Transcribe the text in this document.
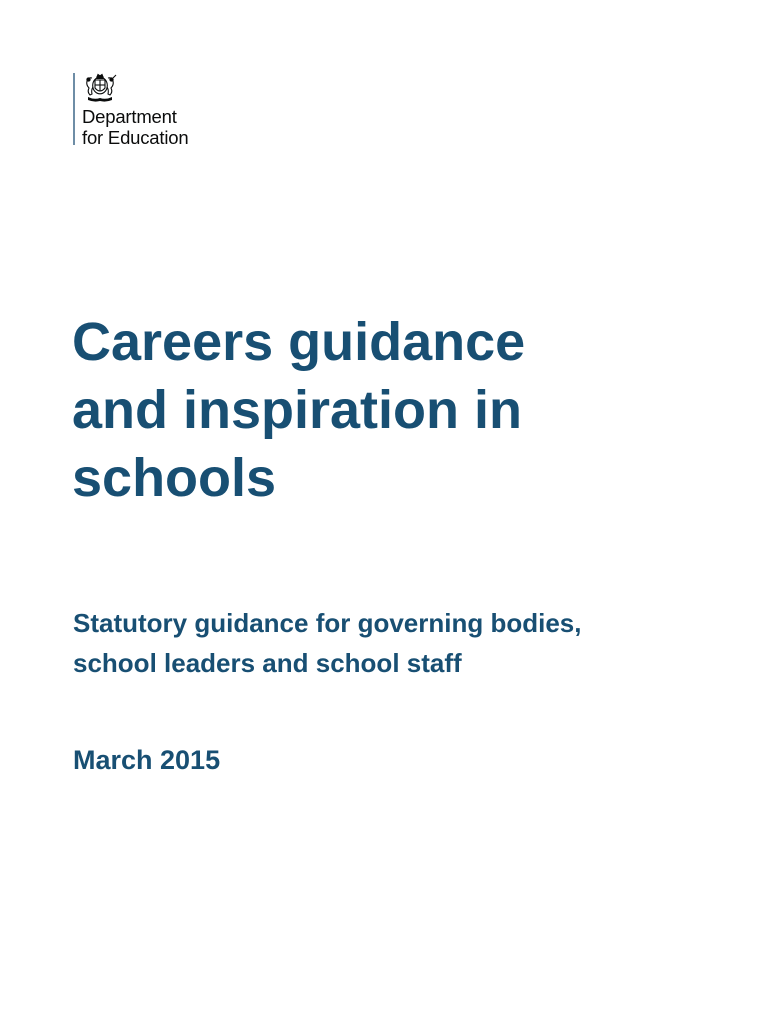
Department
for Education
Careers guidance
and inspiration in
schools
Statutory guidance for governing bodies,
school leaders and school staff

March 2015
